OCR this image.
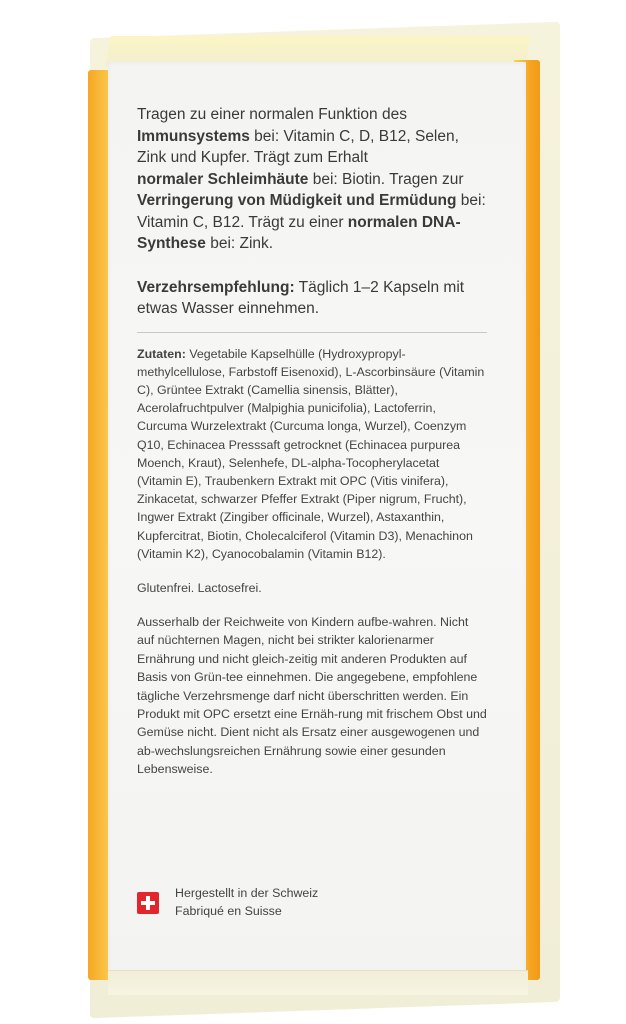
Tragen zu einer normalen Funktion des
Immunsystems bei: Vitamin C, D, B12, Selen, Zink und Kupfer. Trägt zum Erhalt
normaler Schleimhäute bei: Biotin. Tragen zur Verringerung von Müdigkeit und Ermüdung bei: Vitamin C, B12. Trägt zu einer normalen DNA-Synthese bei: Zink.

Verzehrsempfehlung: Täglich 1–2 Kapseln mit etwas Wasser einnehmen.

Zutaten: Vegetabile Kapselhülle (Hydroxypropyl-methylcellulose, Farbstoff Eisenoxid), L-Ascorbinsäure (Vitamin C), Grüntee Extrakt (Camellia sinensis, Blätter), Acerolafruchtpulver (Malpighia punicifolia), Lactoferrin, Curcuma Wurzelextrakt (Curcuma longa, Wurzel), Coenzym Q10, Echinacea Presssaft getrocknet (Echinacea purpurea Moench, Kraut), Selenhefe, DL-alpha-Tocopherylacetat (Vitamin E), Traubenkern Extrakt mit OPC (Vitis vinifera), Zinkacetat, schwarzer Pfeffer Extrakt (Piper nigrum, Frucht), Ingwer Extrakt (Zingiber officinale, Wurzel), Astaxanthin, Kupfercitrat, Biotin, Cholecalciferol (Vitamin D3), Menachinon (Vitamin K2), Cyanocobalamin (Vitamin B12).

Glutenfrei. Lactosefrei.

Ausserhalb der Reichweite von Kindern aufbe-wahren. Nicht auf nüchternen Magen, nicht bei strikter kalorienarmer Ernährung und nicht gleich-zeitig mit anderen Produkten auf Basis von Grün-tee einnehmen. Die angegebene, empfohlene tägliche Verzehrsmenge darf nicht überschritten werden. Ein Produkt mit OPC ersetzt eine Ernäh-rung mit frischem Obst und Gemüse nicht. Dient nicht als Ersatz einer ausgewogenen und ab-wechslungsreichen Ernährung sowie einer gesunden Lebensweise.

Hergestellt in der Schweiz
Fabriqué en Suisse
